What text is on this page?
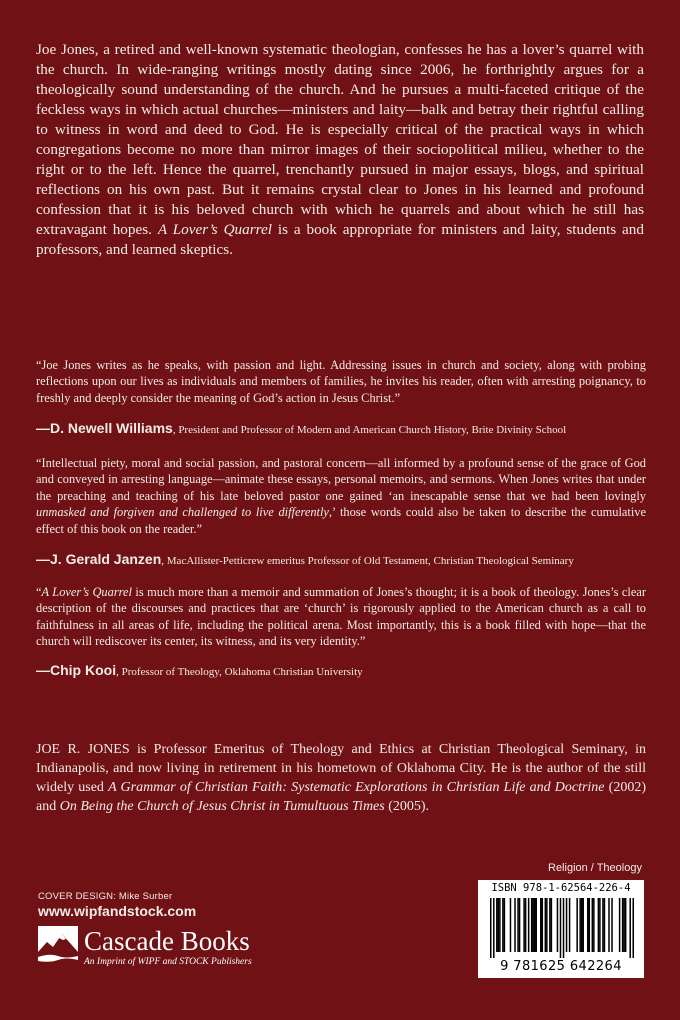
Joe Jones, a retired and well-known systematic theologian, confesses he has a lover’s quarrel with the church. In wide-ranging writings mostly dating since 2006, he forthrightly argues for a theologically sound understanding of the church. And he pursues a multi-faceted critique of the feckless ways in which actual churches—ministers and laity—balk and betray their rightful calling to witness in word and deed to God. He is especially critical of the practical ways in which congregations become no more than mirror images of their sociopolitical milieu, whether to the right or to the left. Hence the quarrel, trenchantly pursued in major essays, blogs, and spiritual reflections on his own past. But it remains crystal clear to Jones in his learned and profound confession that it is his beloved church with which he quarrels and about which he still has extravagant hopes. A Lover’s Quarrel is a book appropriate for ministers and laity, students and professors, and learned skeptics.
“Joe Jones writes as he speaks, with passion and light. Addressing issues in church and society, along with probing reflections upon our lives as individuals and members of families, he invites his reader, often with arresting poignancy, to freshly and deeply consider the meaning of God’s action in Jesus Christ.”
—D. Newell Williams, President and Professor of Modern and American Church History, Brite Divinity School
“Intellectual piety, moral and social passion, and pastoral concern—all informed by a profound sense of the grace of God and conveyed in arresting language—animate these essays, personal memoirs, and sermons. When Jones writes that under the preaching and teaching of his late beloved pastor one gained ‘an inescapable sense that we had been lovingly unmasked and forgiven and challenged to live differently,’ those words could also be taken to describe the cumulative effect of this book on the reader.”
—J. Gerald Janzen, MacAllister-Petticrew emeritus Professor of Old Testament, Christian Theological Seminary
“A Lover’s Quarrel is much more than a memoir and summation of Jones’s thought; it is a book of theology. Jones’s clear description of the discourses and practices that are ‘church’ is rigorously applied to the American church as a call to faithfulness in all areas of life, including the political arena. Most importantly, this is a book filled with hope—that the church will rediscover its center, its witness, and its very identity.”
—Chip Kooi, Professor of Theology, Oklahoma Christian University
JOE R. JONES is Professor Emeritus of Theology and Ethics at Christian Theological Seminary, in Indianapolis, and now living in retirement in his hometown of Oklahoma City. He is the author of the still widely used A Grammar of Christian Faith: Systematic Explorations in Christian Life and Doctrine (2002) and On Being the Church of Jesus Christ in Tumultuous Times (2005).
Religion / Theology
COVER DESIGN: Mike Surber
www.wipfandstock.com
Cascade Books
An Imprint of WIPF and STOCK Publishers
ISBN 978-1-62564-226-4
9 781625 642264
